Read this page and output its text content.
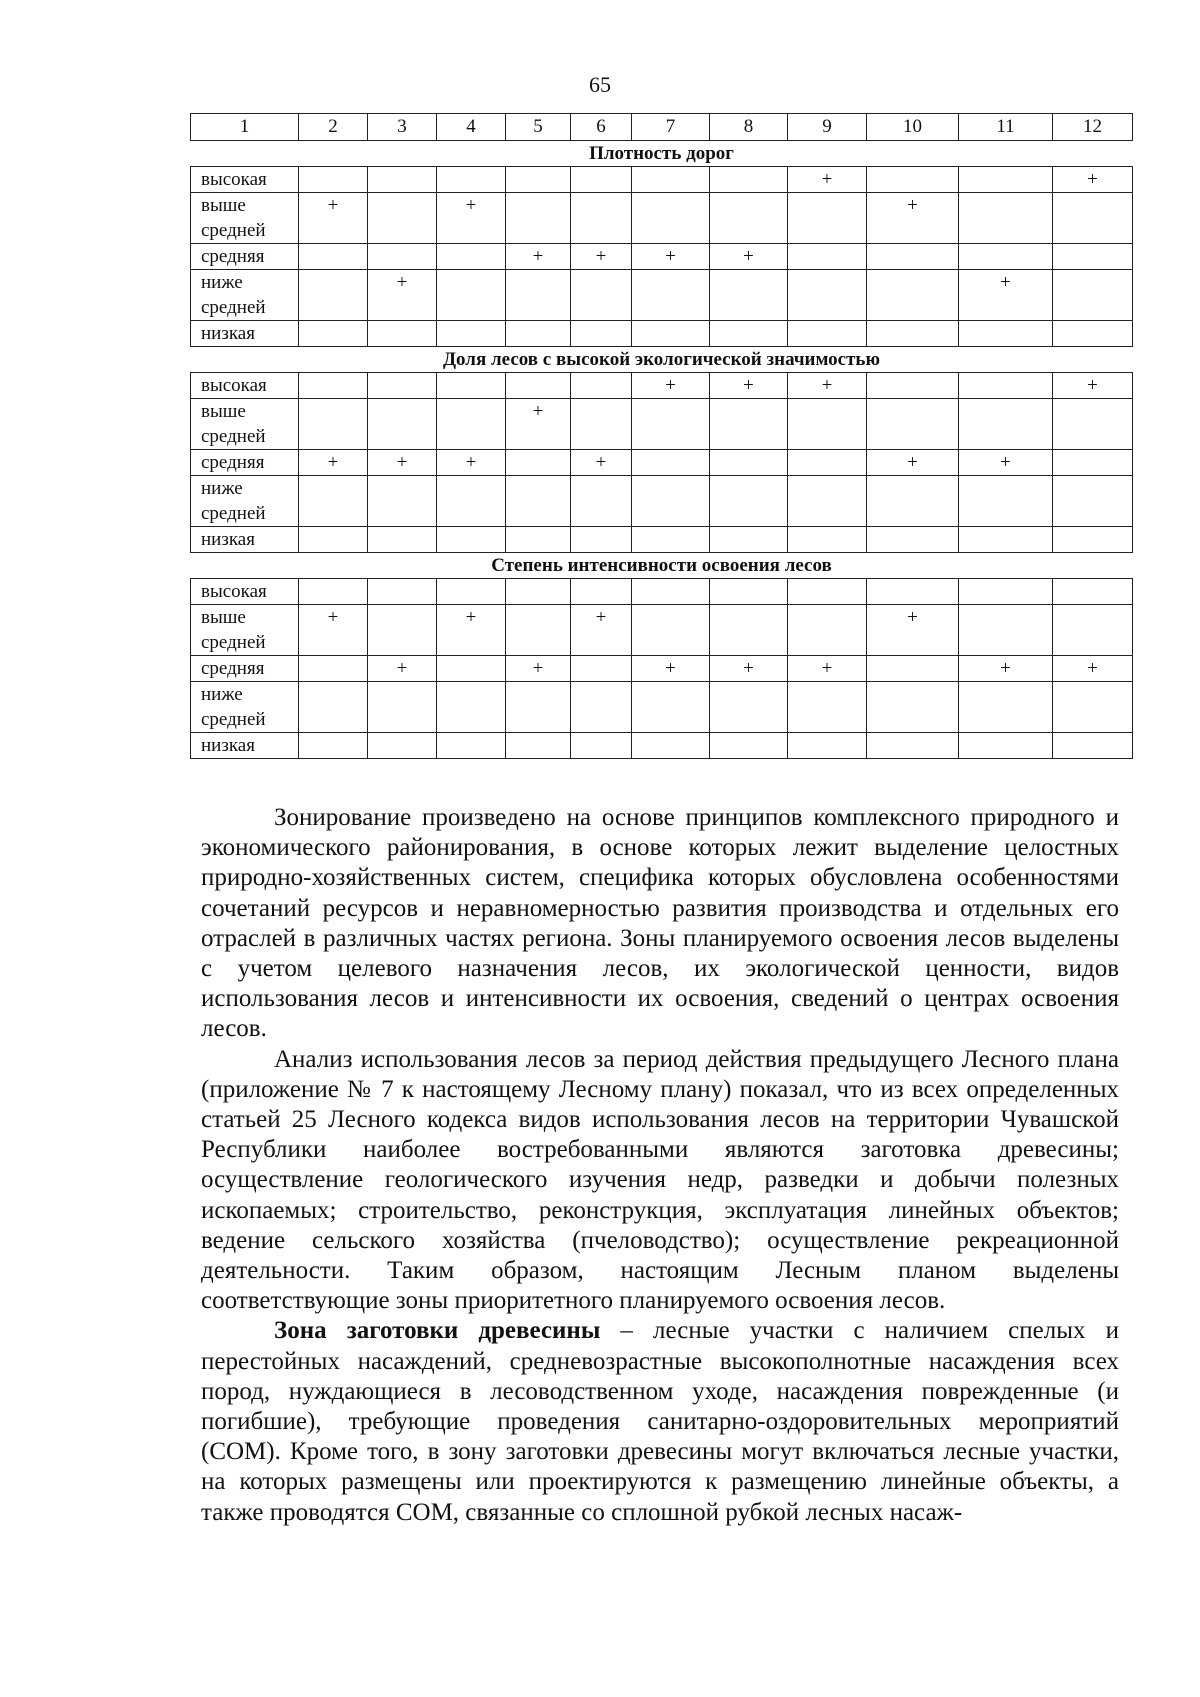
65
1	2	3	4	5	6	7	8	9	10	11	12
Плотность дорог											
высокая								+			+
выше средней	+		+						+		
средняя				+	+	+	+				
ниже средней		+								+	
низкая											
Доля лесов с высокой экологической значимостью											
высокая						+	+	+			+
выше средней				+							
средняя	+	+	+		+				+	+	
ниже средней											
низкая											
Степень интенсивности освоения лесов											
высокая											
выше средней	+		+		+				+		
средняя		+		+		+	+	+		+	+
ниже средней											
низкая											

Зонирование произведено на основе принципов комплексного природного и экономического районирования, в основе которых лежит выделение целостных природно-хозяйственных систем, специфика которых обусловлена особенностями сочетаний ресурсов и неравномерностью развития производства и отдельных его отраслей в различных частях региона. Зоны планируемого освоения лесов выделены с учетом целевого назначения лесов, их экологической ценности, видов использования лесов и интенсивности их освоения, сведений о центрах освоения лесов.

Анализ использования лесов за период действия предыдущего Лесного плана (приложение № 7 к настоящему Лесному плану) показал, что из всех определенных статьей 25 Лесного кодекса видов использования лесов на территории Чувашской Республики наиболее востребованными являются заготовка древесины; осуществление геологического изучения недр, разведки и добычи полезных ископаемых; строительство, реконструкция, эксплуатация линейных объектов; ведение сельского хозяйства (пчеловодство); осуществление рекреационной деятельности. Таким образом, настоящим Лесным планом выделены соответствующие зоны приоритетного планируемого освоения лесов.

Зона заготовки древесины – лесные участки с наличием спелых и перестойных насаждений, средневозрастные высокополнотные насаждения всех пород, нуждающиеся в лесоводственном уходе, насаждения поврежденные (и погибшие), требующие проведения санитарно-оздоровительных мероприятий (СОМ). Кроме того, в зону заготовки древесины могут включаться лесные участки, на которых размещены или проектируются к размещению линейные объекты, а также проводятся СОМ, связанные со сплошной рубкой лесных насаж-
